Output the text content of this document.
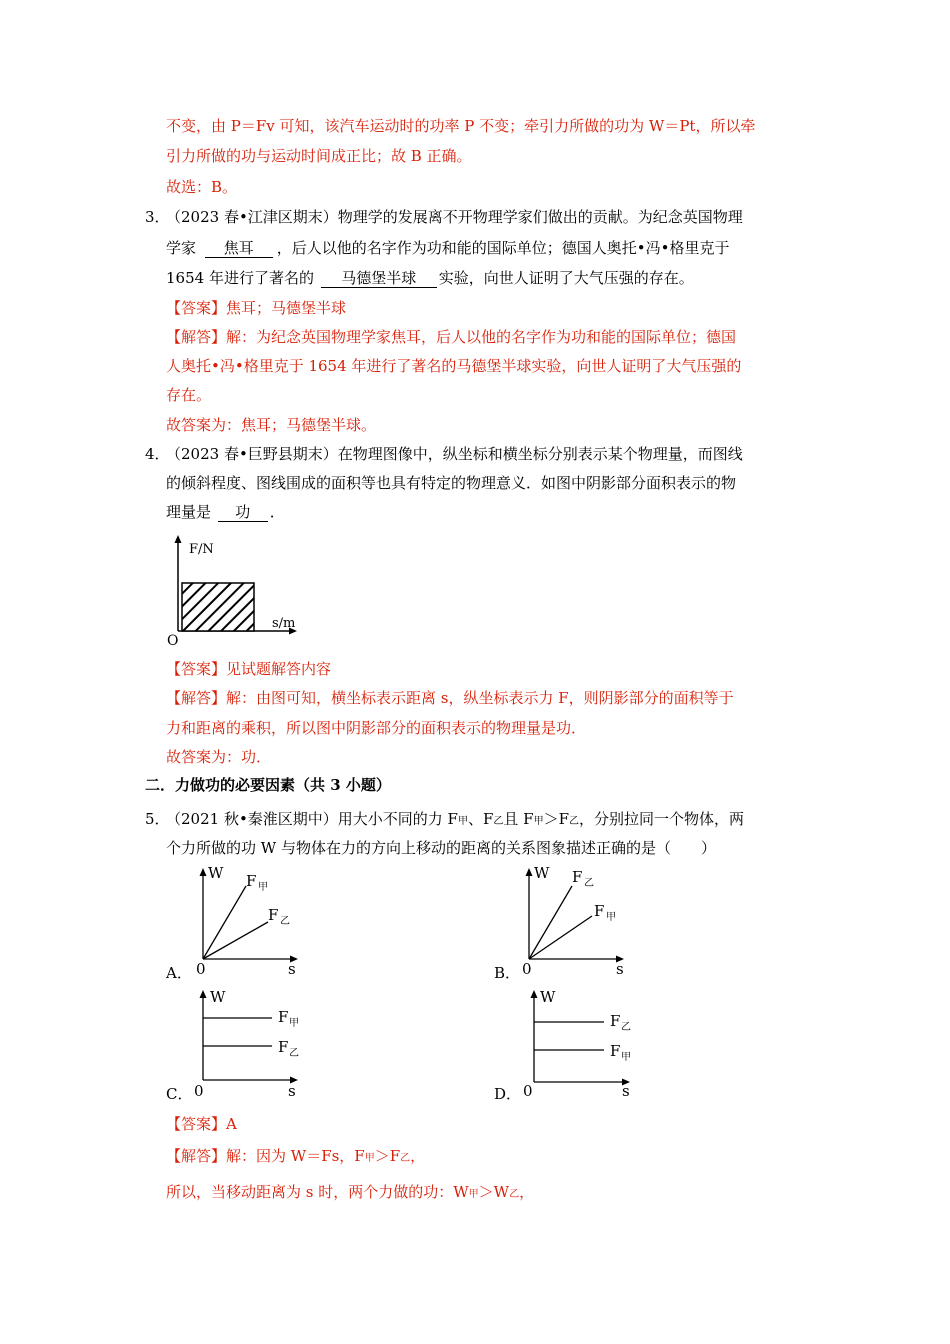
不变，由 P＝Fv 可知，该汽车运动时的功率 P 不变；牵引力所做的功为 W＝Pt，所以牵
引力所做的功与运动时间成正比；故 B 正确。
故选：B。
3．
（2023 春•江津区期末）物理学的发展离不开物理学家们做出的贡献。为纪念英国物理
学家 焦耳 ，后人以他的名字作为功和能的国际单位；德国人奥托•冯•格里克于
1654 年进行了著名的 马德堡半球 实验，向世人证明了大气压强的存在。
【答案】焦耳；马德堡半球
【解答】解：为纪念英国物理学家焦耳，后人以他的名字作为功和能的国际单位；德国
人奥托•冯•格里克于 1654 年进行了著名的马德堡半球实验，向世人证明了大气压强的
存在。
故答案为：焦耳；马德堡半球。
4．
（2023 春•巨野县期末）在物理图像中，纵坐标和横坐标分别表示某个物理量，而图线
的倾斜程度、图线围成的面积等也具有特定的物理意义．如图中阴影部分面积表示的物
理量是 功 ．
F/N
s/m
O
【答案】见试题解答内容
【解答】解：由图可知，横坐标表示距离 s，纵坐标表示力 F，则阴影部分的面积等于
力和距离的乘积，所以图中阴影部分的面积表示的物理量是功．
故答案为：功．
二．力做功的必要因素（共 3 小题）
5．
（2021 秋•秦淮区期中）用大小不同的力 F甲、F乙且 F甲＞F乙，分别拉同一个物体，两
个力所做的功 W 与物体在力的方向上移动的距离的关系图象描述正确的是（　　）
A．
W
0	s
F 甲
F 乙
B．
W
0	s
F 乙
F 甲
C．
W
0	s
F 甲
F 乙
D．
W
0	s
F 乙
F 甲
【答案】A
【解答】解：因为 W＝Fs，F甲＞F乙，
所以，当移动距离为 s 时，两个力做的功：W甲＞W乙，
